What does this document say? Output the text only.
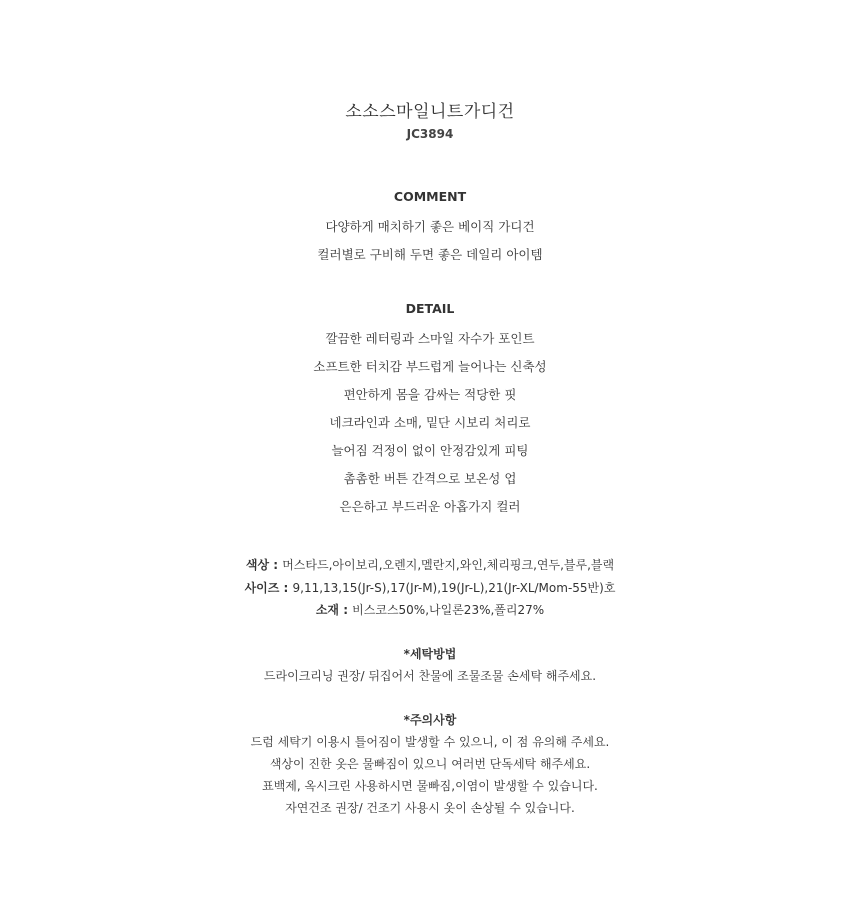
소소스마일니트가디건
JC3894
COMMENT
다양하게 매치하기 좋은 베이직 가디건
컬러별로 구비해 두면 좋은 데일리 아이템
DETAIL
깔끔한 레터링과 스마일 자수가 포인트
소프트한 터치감 부드럽게 늘어나는 신축성
편안하게 몸을 감싸는 적당한 핏
네크라인과 소매, 밑단 시보리 처리로
늘어짐 걱정이 없이 안정감있게 피팅
촘촘한 버튼 간격으로 보온성 업
은은하고 부드러운 아홉가지 컬러
색상 : 머스타드,아이보리,오렌지,멜란지,와인,체리핑크,연두,블루,블랙
사이즈 : 9,11,13,15(Jr-S),17(Jr-M),19(Jr-L),21(Jr-XL/Mom-55반)호
소재 : 비스코스50%,나일론23%,폴리27%
*세탁방법
드라이크리닝 권장/ 뒤집어서 찬물에 조물조물 손세탁 해주세요.
*주의사항
드럼 세탁기 이용시 틀어짐이 발생할 수 있으니, 이 점 유의해 주세요.
색상이 진한 옷은 물빠짐이 있으니 여러번 단독세탁 해주세요.
표백제, 옥시크린 사용하시면 물빠짐,이염이 발생할 수 있습니다.
자연건조 권장/ 건조기 사용시 옷이 손상될 수 있습니다.
